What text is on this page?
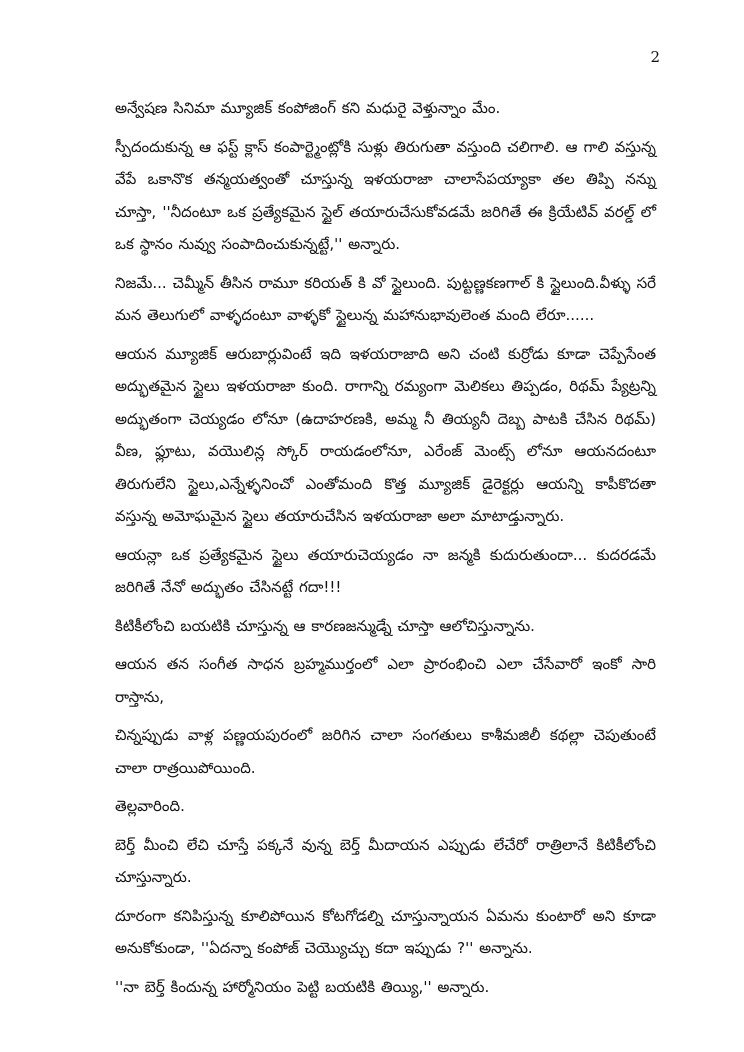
2

అన్వేషణ సినిమా మ్యూజిక్ కంపోజింగ్ కని మధురై వెళ్తున్నాం మేం.

స్పీదందుకున్న ఆ ఫస్ట్ క్లాస్ కంపార్ట్మెంట్లోకి సుళ్లు తిరుగుతా వస్తుంది చలిగాలి. ఆ గాలి వస్తున్న వేపే ఒకానొక తన్మయత్వంతో చూస్తున్న ఇళయరాజా చాలాసేపయ్యాకా తల తిప్పి నన్ను చూస్తా, ''నీదంటూ ఒక ప్రత్యేకమైన స్టైల్ తయారుచేసుకోవడమే జరిగితే ఈ క్రియేటివ్ వరల్డ్ లో ఒక స్థానం నువ్వు సంపాదించుకున్నట్టే,'' అన్నారు.

నిజమే... చెమ్మీన్ తీసిన రామూ కరియత్ కి వో స్టైలుంది. పుట్టణ్ణకణగాల్ కి స్టైలుంది.వీళ్ళు సరే మన తెలుగులో వాళ్ళదంటూ వాళ్ళకో స్టైలున్న మహానుభావులెంత మంది లేరూ......

ఆయన మ్యూజిక్ ఆరుబార్లువింటే ఇది ఇళయరాజాది అని చంటి కుర్రోడు కూడా చెప్పేసేంత అద్భుతమైన స్టైలు ఇళయరాజా కుంది. రాగాన్ని రమ్యంగా మెలికలు తిప్పడం, రిథమ్ ప్యేట్రన్ని అద్భుతంగా చెయ్యడం లోనూ (ఉదాహరణకి, అమ్మ నీ తియ్యనీ దెబ్బ పాటకి చేసిన రిథమ్) వీణ, ఫ్లూటు, వయొలిన్ల స్కోర్ రాయడంలోనూ, ఎరేంజ్ మెంట్స్ లోనూ ఆయనదంటూ తిరుగులేని స్టైలు,ఎన్నేళ్ళనించో ఎంతోమంది కొత్త మ్యూజిక్ డైరెక్టర్లు ఆయన్ని కాపీకొదతా వస్తున్న అమోఘమైన స్టైలు తయారుచేసిన ఇళయరాజా అలా మాటాడ్తున్నారు.

ఆయన్లా ఒక ప్రత్యేకమైన స్టైలు తయారుచెయ్యడం నా జన్మకి కుదురుతుందా... కుదరడమే జరిగితే నేనో అద్భుతం చేసినట్టే గదా!!!

కిటికీలోంచి బయటికి చూస్తున్న ఆ కారణజన్ముడ్నే చూస్తా ఆలోచిస్తున్నాను.

ఆయన తన సంగీత సాధన బ్రహ్మముర్తంలో ఎలా ప్రారంభించి ఎలా చేసేవారో ఇంకో సారి రాస్తాను,

చిన్నప్పుడు వాళ్ల పణ్ణయపురంలో జరిగిన చాలా సంగతులు కాశీమజిలీ కథల్లా చెపుతుంటే చాలా రాత్రయిపోయింది.

తెల్లవారింది.

బెర్త్ మీంచి లేచి చూస్తే పక్కనే వున్న బెర్త్ మీదాయన ఎప్పుడు లేచేరో రాత్రిలానే కిటికీలోంచి చూస్తున్నారు.

దూరంగా కనిపిస్తున్న కూలిపోయిన కోటగోడల్ని చూస్తున్నాయన ఏమను కుంటారో అని కూడా అనుకోకుండా, ''ఏదన్నా కంపోజ్ చెయ్యొచ్చు కదా ఇప్పుడు ?'' అన్నాను.

''నా బెర్త్ కిందున్న హార్మోనియం పెట్టి బయటికి తియ్యి,'' అన్నారు.
